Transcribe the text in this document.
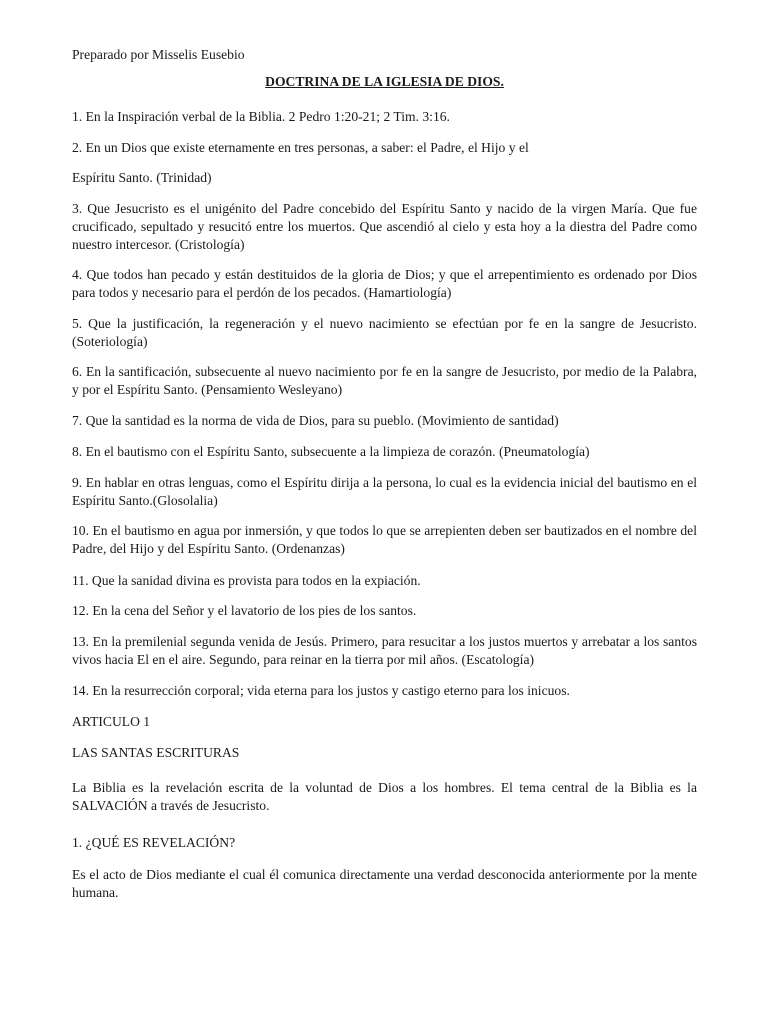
Preparado por Misselis Eusebio
DOCTRINA DE LA IGLESIA DE DIOS.

1. En la Inspiración verbal de la Biblia. 2 Pedro 1:20-21; 2 Tim. 3:16.

2. En un Dios que existe eternamente en tres personas, a saber: el Padre, el Hijo y el

Espíritu Santo. (Trinidad)

3. Que Jesucristo es el unigénito del Padre concebido del Espíritu Santo y nacido de la virgen María. Que fue crucificado, sepultado y resucitó entre los muertos. Que ascendió al cielo y esta hoy a la diestra del Padre como nuestro intercesor. (Cristología)

4. Que todos han pecado y están destituidos de la gloria de Dios; y que el arrepentimiento es ordenado por Dios para todos y necesario para el perdón de los pecados. (Hamartiología)

5. Que la justificación, la regeneración y el nuevo nacimiento se efectúan por fe en la sangre de Jesucristo. (Soteriología)

6. En la santificación, subsecuente al nuevo nacimiento por fe en la sangre de Jesucristo, por medio de la Palabra, y por el Espíritu Santo. (Pensamiento Wesleyano)

7. Que la santidad es la norma de vida de Dios, para su pueblo. (Movimiento de santidad)

8. En el bautismo con el Espíritu Santo, subsecuente a la limpieza de corazón. (Pneumatología)

9. En hablar en otras lenguas, como el Espíritu dirija a la persona, lo cual es la evidencia inicial del bautismo en el Espíritu Santo.(Glosolalia)

10. En el bautismo en agua por inmersión, y que todos lo que se arrepienten deben ser bautizados en el nombre del Padre, del Hijo y del Espíritu Santo. (Ordenanzas)

11. Que la sanidad divina es provista para todos en la expiación.

12. En la cena del Señor y el lavatorio de los pies de los santos.

13. En la premilenial segunda venida de Jesús. Primero, para resucitar a los justos muertos y arrebatar a los santos vivos hacia El en el aire. Segundo, para reinar en la tierra por mil años. (Escatología)

14. En la resurrección corporal; vida eterna para los justos y castigo eterno para los inicuos.

ARTICULO 1

LAS SANTAS ESCRITURAS

La Biblia es la revelación escrita de la voluntad de Dios a los hombres. El tema central de la Biblia es la SALVACIÓN a través de Jesucristo.

1. ¿QUÉ ES REVELACIÓN?

Es el acto de Dios mediante el cual él comunica directamente una verdad desconocida anteriormente por la mente humana.
